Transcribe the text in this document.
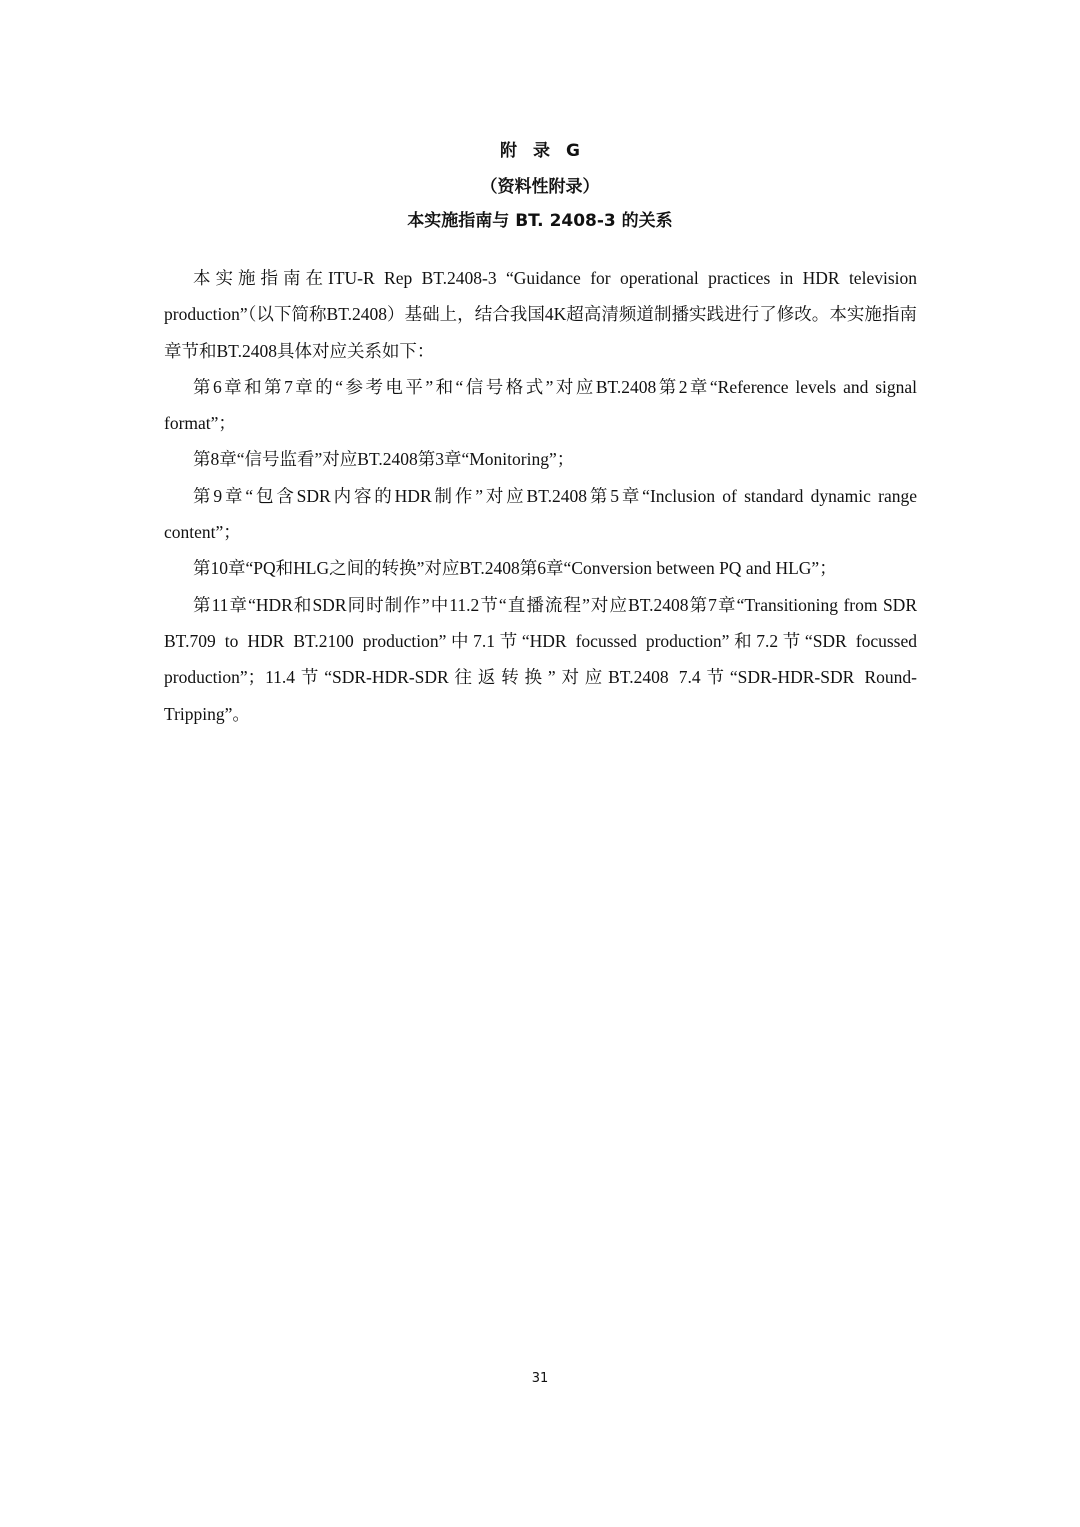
附 录 G
（资料性附录）
本实施指南与 BT. 2408-3 的关系

本实施指南在ITU-R Rep BT.2408-3 “Guidance for operational practices in HDR television production”（以下简称BT.2408）基础上，结合我国4K超高清频道制播实践进行了修改。本实施指南章节和BT.2408具体对应关系如下：

第6章和第7章的“参考电平”和“信号格式”对应BT.2408第2章“Reference levels and signal format”；

第8章“信号监看”对应BT.2408第3章“Monitoring”；

第9章“包含SDR内容的HDR制作”对应BT.2408第5章“Inclusion of standard dynamic range content”；

第10章“PQ和HLG之间的转换”对应BT.2408第6章“Conversion between PQ and HLG”；

第11章“HDR和SDR同时制作”中11.2节“直播流程”对应BT.2408第7章“Transitioning from SDR BT.709 to HDR BT.2100 production”中7.1节“HDR focussed production”和7.2节“SDR focussed production”；11.4节“SDR-HDR-SDR往返转换”对应BT.2408 7.4节“SDR-HDR-SDR Round-Tripping”。

31
